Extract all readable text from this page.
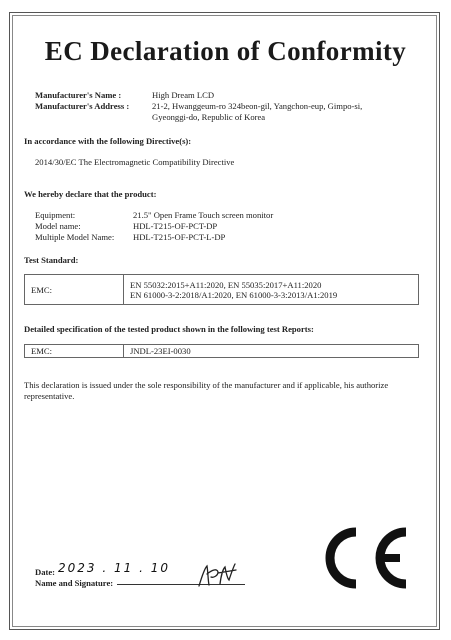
EC Declaration of Conformity
Manufacturer's Name :	High Dream LCD
Manufacturer's Address :	21-2, Hwanggeum-ro 324beon-gil, Yangchon-eup, Gimpo-si,
Gyeonggi-do, Republic of Korea
In accordance with the following Directive(s):
2014/30/EC The Electromagnetic Compatibility Directive
We hereby declare that the product:
Equipment:	21.5" Open Frame Touch screen monitor
Model name:	HDL-T215-OF-PCT-DP
Multiple Model Name: HDL-T215-OF-PCT-L-DP
Test Standard:
EMC:	EN 55032:2015+A11:2020, EN 55035:2017+A11:2020
EN 61000-3-2:2018/A1:2020, EN 61000-3-3:2013/A1:2019
Detailed specification of the tested product shown in the following test Reports:
EMC:	JNDL-23EI-0030
This declaration is issued under the sole responsibility of the manufacturer and if applicable, his authorize
representative.
Date: 2023 . 11 . 10
Name and Signature:
